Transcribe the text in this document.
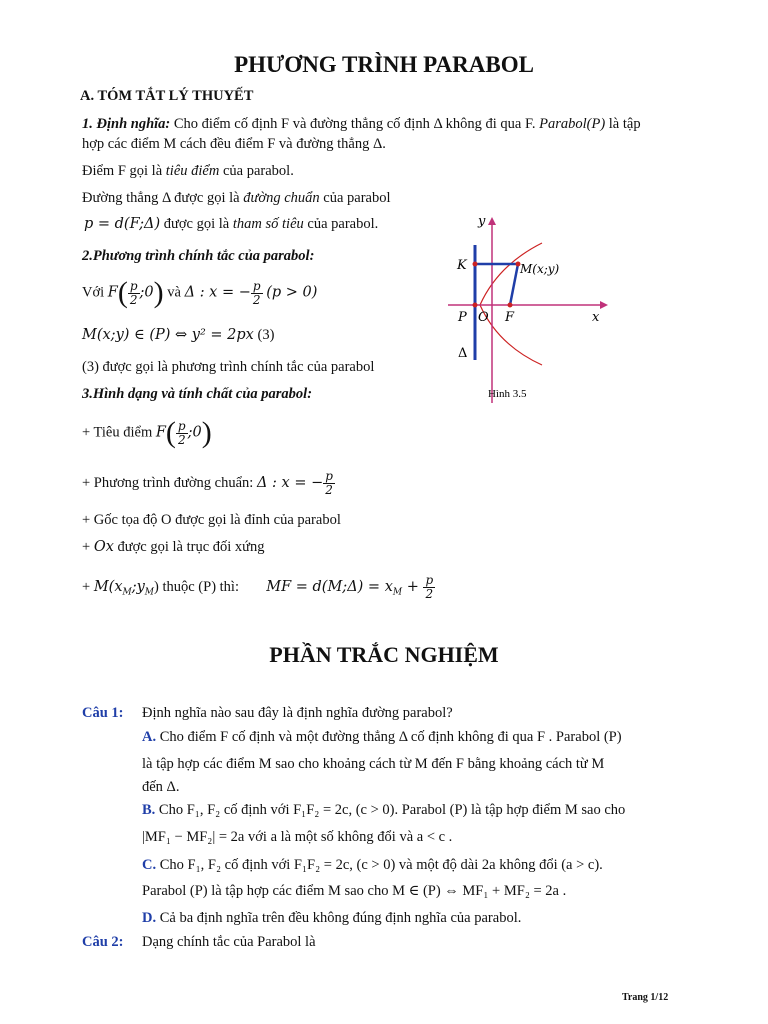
PHƯƠNG TRÌNH PARABOL
A. TÓM TẮT LÝ THUYẾT
1. Định nghĩa: Cho điểm cố định F và đường thẳng cố định Δ không đi qua F. Parabol(P) là tập
hợp các điểm M cách đều điểm F và đường thẳng Δ.
Điểm F gọi là tiêu điểm của parabol.
Đường thẳng Δ được gọi là đường chuẩn của parabol
p = d(F;Δ) được gọi là tham số tiêu của parabol.
2.Phương trình chính tắc của parabol:
Với $F( \frac{p}{2}$ ;0) và Δ : x = − $\frac{p}{2} (p > 0)$
M(x;y) ∈ (P) ⇔ y² = 2px (3)
(3) được gọi là phương trình chính tắc của parabol
3.Hình dạng và tính chất của parabol:
+ Tiêu điểm $F( \frac{p}{2}$ ;0)
+ Phương trình đường chuẩn: Δ : x = − $\frac{p}{2}$
+ Gốc tọa độ O được gọi là đỉnh của parabol
+ Ox được gọi là trục đối xứng
+ $M(x_M;y_M)$ thuộc (P) thì: MF = d(M;Δ) = $x_M + \frac{p}{2}$
y
x
K	M(x;y)
P O F
Δ
Hình 3.5
PHẦN TRẮC NGHIỆM
Câu 1: Định nghĩa nào sau đây là định nghĩa đường parabol?
A. Cho điểm F cố định và một đường thẳng Δ cố định không đi qua F . Parabol (P)
là tập hợp các điểm M sao cho khoảng cách từ M đến F bằng khoảng cách từ M
đến Δ.
B. Cho F₁, F₂ cố định với F₁F₂ = 2c, (c > 0). Parabol (P) là tập hợp điểm M sao cho
|MF₁ − MF₂| = 2a với a là một số không đổi và a < c .
C. Cho F₁, F₂ cố định với F₁F₂ = 2c, (c > 0) và một độ dài 2a không đổi (a > c).
Parabol (P) là tập hợp các điểm M sao cho M ∈ (P) ⇔ MF₁ + MF₂ = 2a .
D. Cả ba định nghĩa trên đều không đúng định nghĩa của parabol.
Câu 2: Dạng chính tắc của Parabol là
Trang 1/12
